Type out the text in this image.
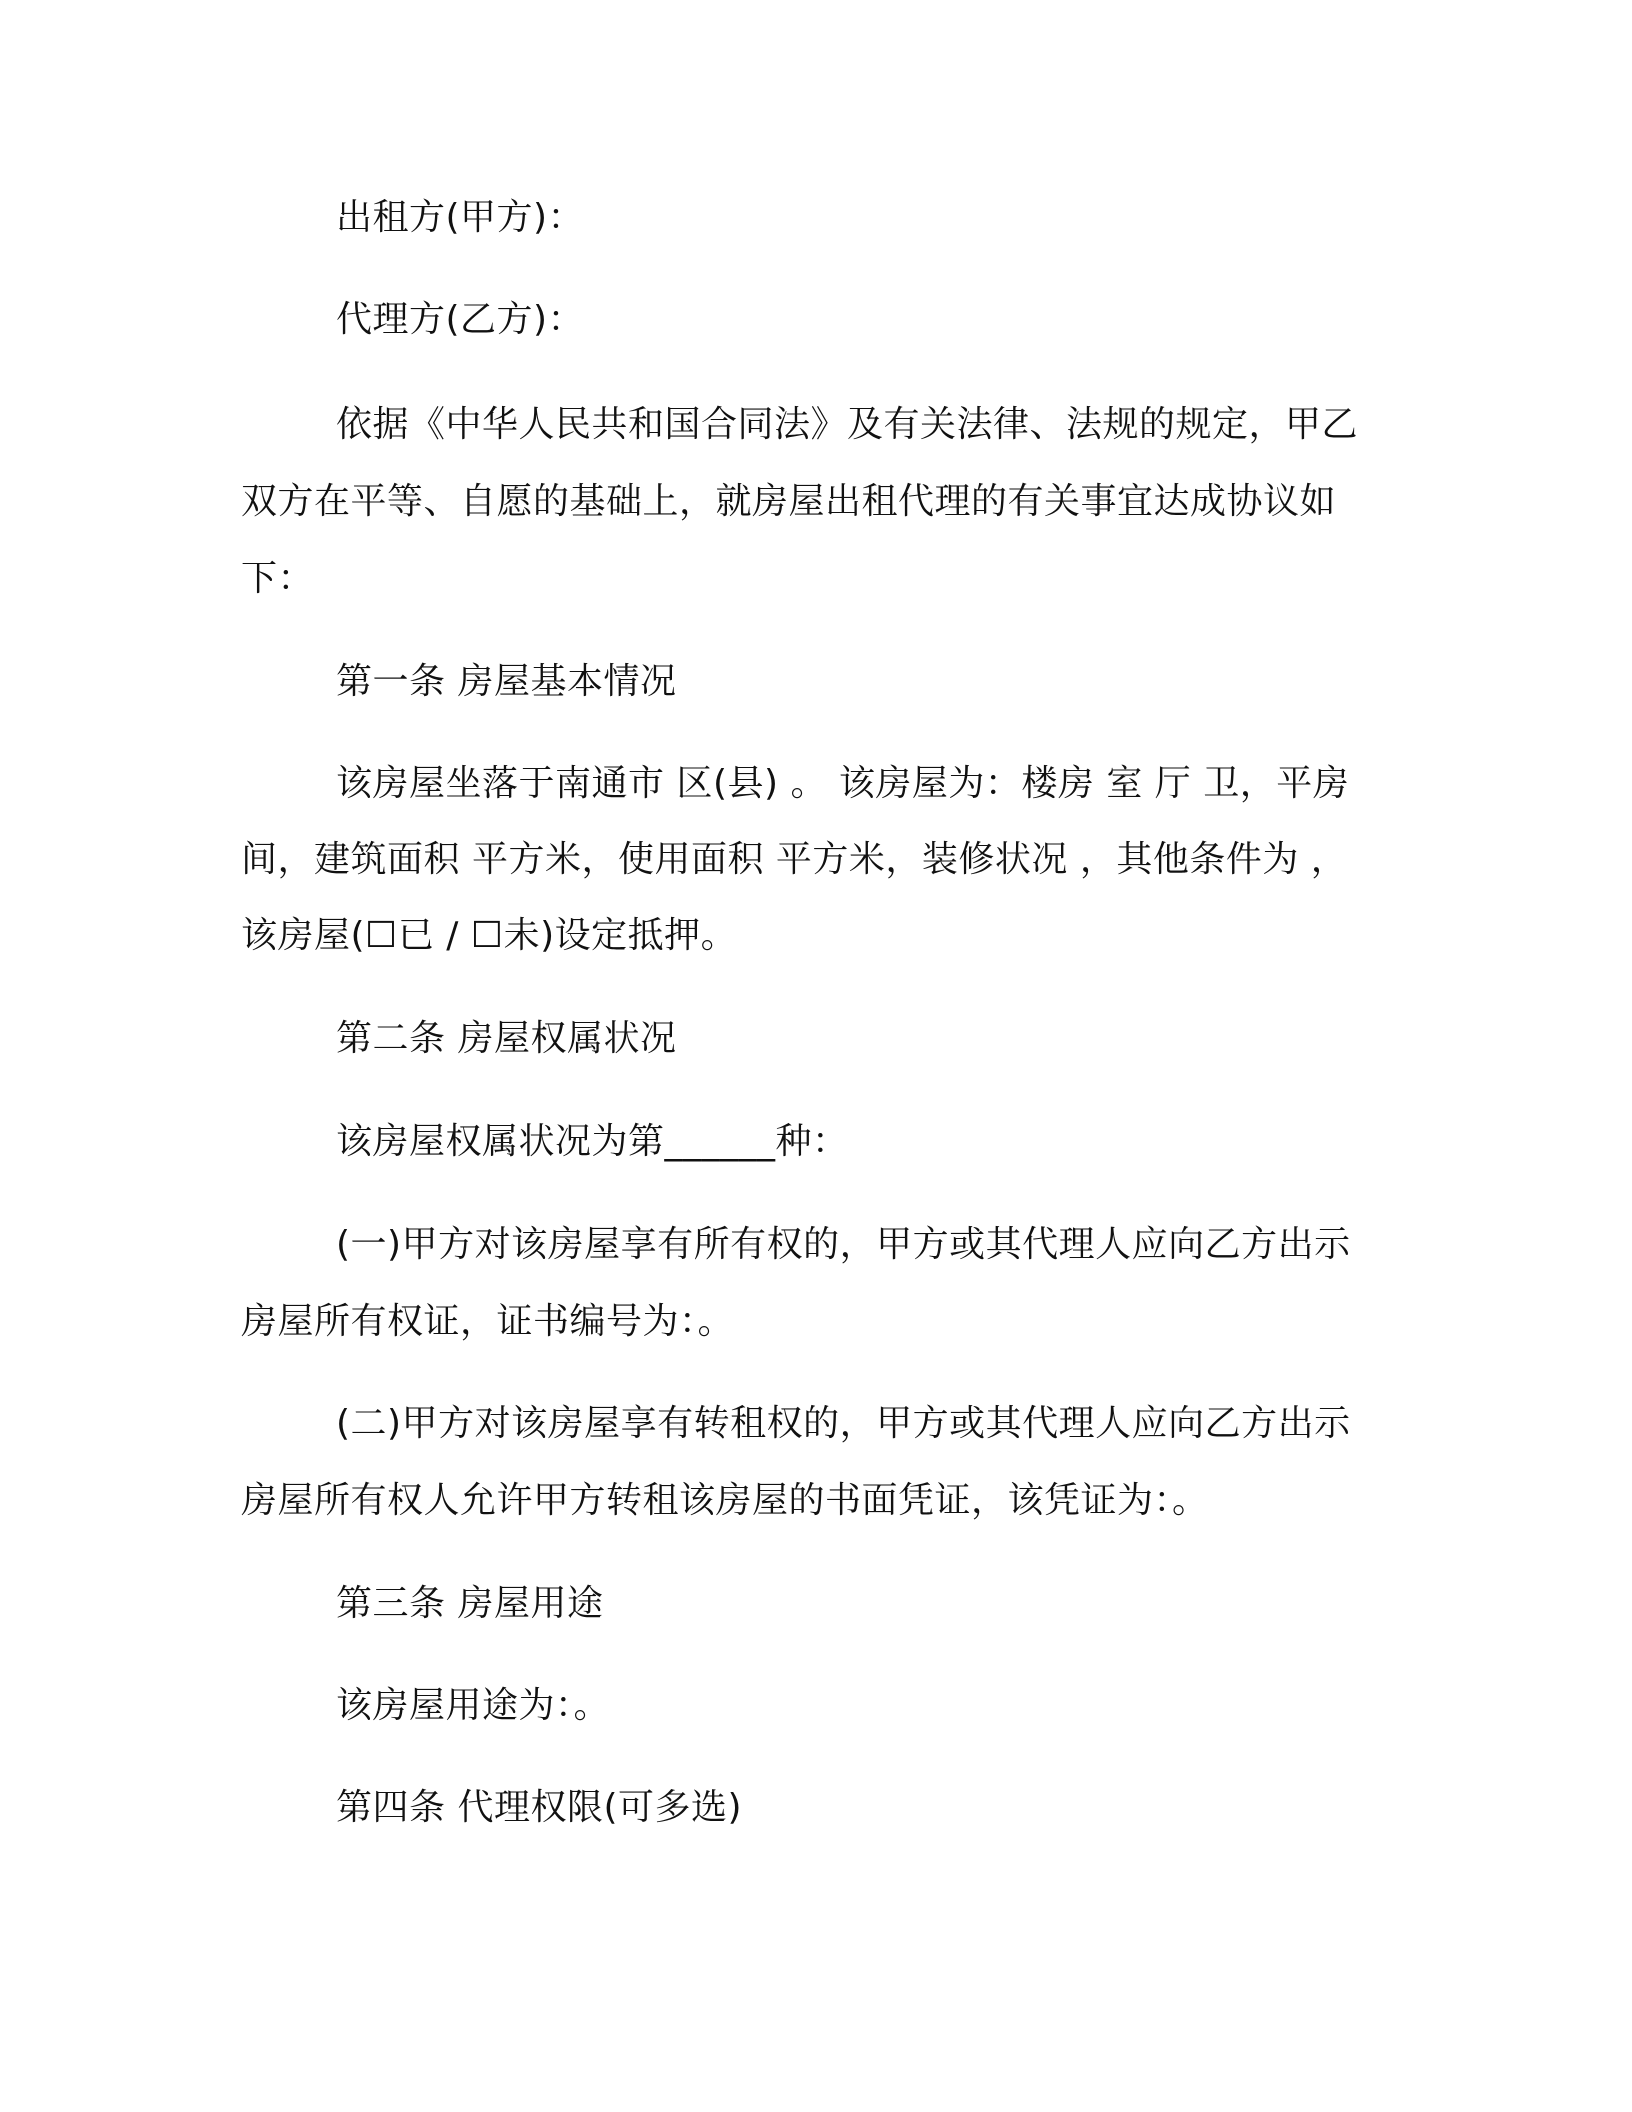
出租方(甲方)：
代理方(乙方)：
依据《中华人民共和国合同法》及有关法律、法规的规定，甲乙
双方在平等、自愿的基础上，就房屋出租代理的有关事宜达成协议如
下：
第一条 房屋基本情况
该房屋坐落于南通市 区(县) 。 该房屋为：楼房 室 厅 卫，平房
间，建筑面积 平方米，使用面积 平方米，装修状况 ，其他条件为 ，
该房屋(☐已 / ☐未)设定抵押。
第二条 房屋权属状况
该房屋权属状况为第______种：
(一)甲方对该房屋享有所有权的，甲方或其代理人应向乙方出示
房屋所有权证，证书编号为：。
(二)甲方对该房屋享有转租权的，甲方或其代理人应向乙方出示
房屋所有权人允许甲方转租该房屋的书面凭证，该凭证为：。
第三条 房屋用途
该房屋用途为：。
第四条 代理权限(可多选)
